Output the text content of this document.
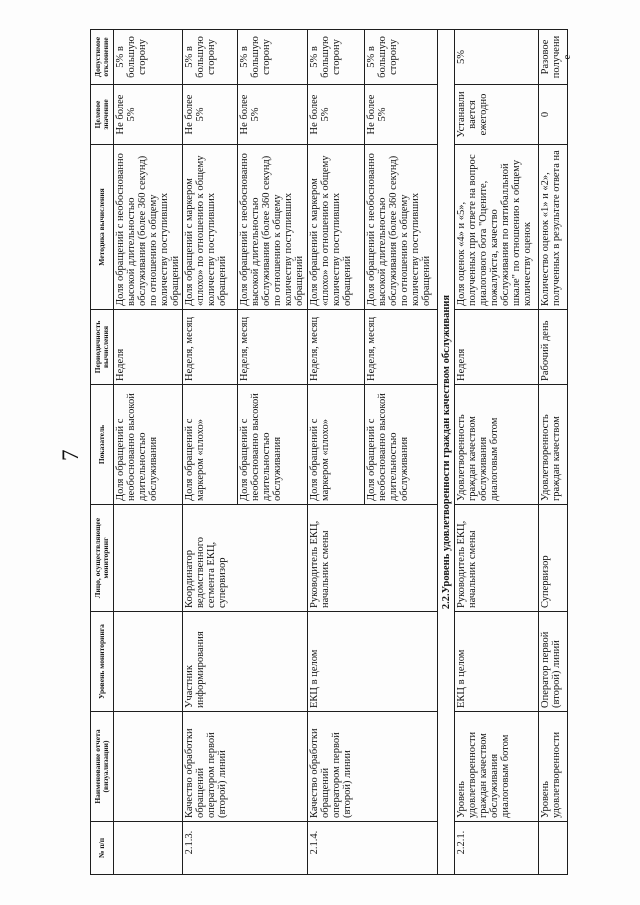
7
№ п/п	Наименование отчета (визуализации)	Уровень мониторинга	Лицо, осуществляющее мониторинг	Показатель	Периодичность вычисления	Методика вычисления	Целевое значение	Допустимое отклонение
				Доля обращений с необоснованно высокой длительностью обслуживания	Неделя	Доля обращений с необоснованно высокой длительностью обслуживания (более 360 секунд) по отношению к общему количеству поступивших обращений	Не более 5%	5% в большую сторону
2.1.3.	Качество обработки обращений оператором первой (второй) линий	Участник информирования	Координатор ведомственного сегмента ЕКЦ, супервизор	Доля обращений с маркером «плохо»	Неделя, месяц	Доля обращений с маркером «плохо» по отношению к общему количеству поступивших обращений	Не более 5%	5% в большую сторону
				Доля обращений с необоснованно высокой длительностью обслуживания	Неделя, месяц	Доля обращений с необоснованно высокой длительностью обслуживания (более 360 секунд) по отношению к общему количеству поступивших обращений	Не более 5%	5% в большую сторону
2.1.4.	Качество обработки обращений оператором первой (второй) линии	ЕКЦ в целом	Руководитель ЕКЦ, начальник смены	Доля обращений с маркером «плохо»	Неделя, месяц	Доля обращений с маркером «плохо» по отношению к общему количеству поступивших обращений	Не более 5%	5% в большую сторону
				Доля обращений с необоснованно высокой длительностью обслуживания	Неделя, месяц	Доля обращений с необоснованно высокой длительностью обслуживания (более 360 секунд) по отношению к общему количеству поступивших обращений	Не более 5%	5% в большую сторону
2.2.Уровень удовлетворенности граждан качеством обслуживания								
2.2.1.	Уровень удовлетворенности граждан качеством обслуживания диалоговым ботом	ЕКЦ в целом	Руководитель ЕКЦ, начальник смены	Удовлетворенность граждан качеством обслуживания диалоговым ботом	Неделя	Доля оценок «4» и «5», полученных при ответе на вопрос диалогового бота "Оцените, пожалуйста, качество обслуживания по пятибалльной шкале" по отношению к общему количеству оценок	Устанавливается ежегодно	5%

	Уровень удовлетворенности	Оператор первой (второй) линий	Супервизор	Удовлетворенность граждан качеством	Рабочий день	Количество оценок «1» и «2», полученных в результате ответа на	0	Разовое получение
